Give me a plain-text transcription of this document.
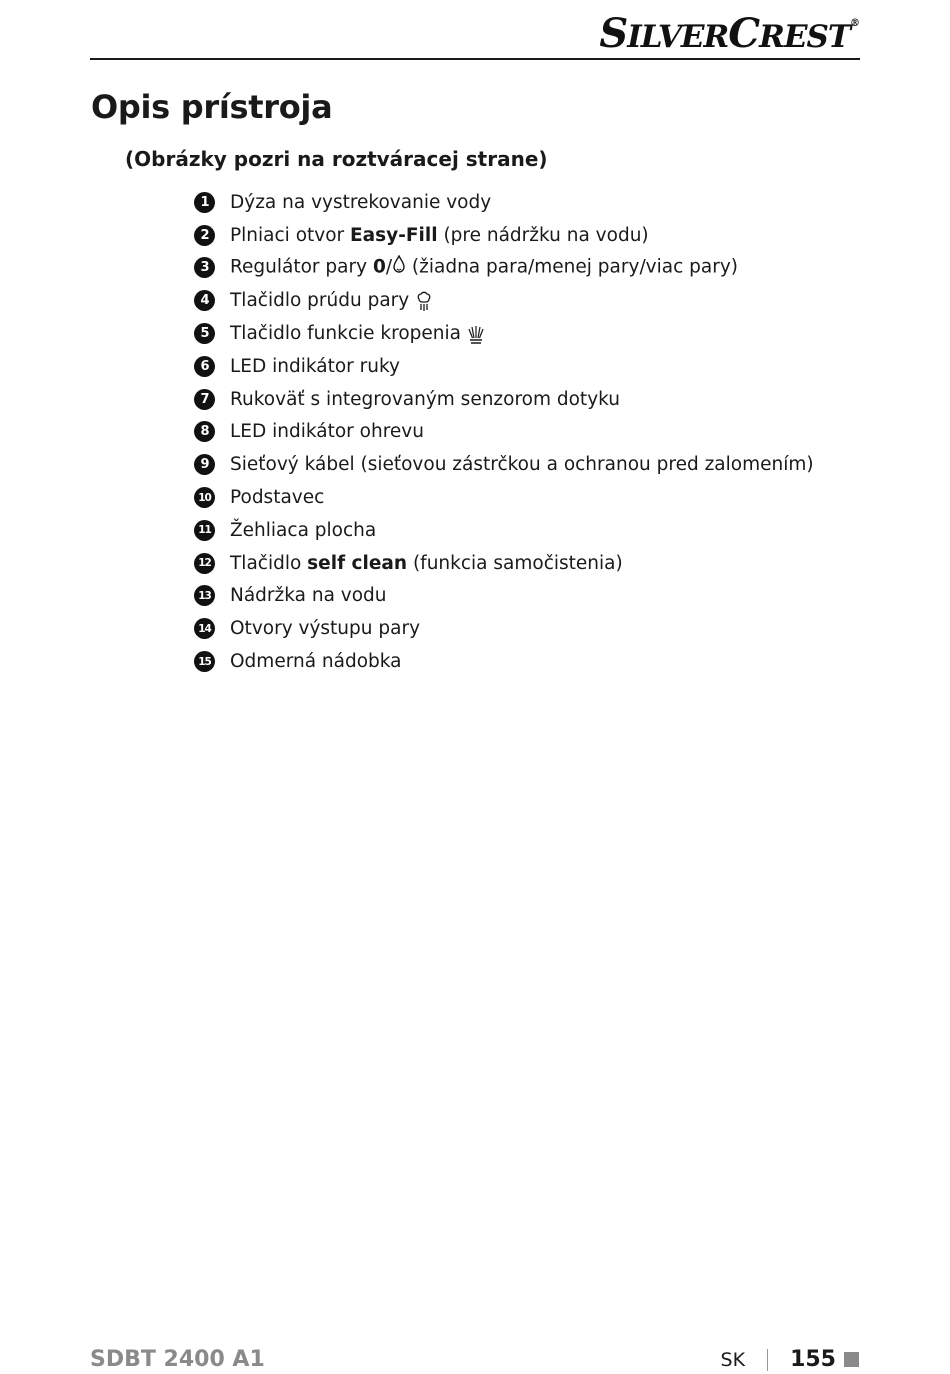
SILVERCREST®
Opis prístroja
(Obrázky pozri na roztváracej strane)
1	Dýza na vystrekovanie vody
2	Plniaci otvor Easy-Fill (pre nádržku na vodu)
3	Regulátor pary 0/ (žiadna para/menej pary/viac pary)
4	Tlačidlo prúdu pary
5	Tlačidlo funkcie kropenia
6	LED indikátor ruky
7	Rukoväť s integrovaným senzorom dotyku
8	LED indikátor ohrevu
9	Sieťový kábel (sieťovou zástrčkou a ochranou pred zalomením)
10 Podstavec
11 Žehliaca plocha
12 Tlačidlo self clean (funkcia samočistenia)
13 Nádržka na vodu
14 Otvory výstupu pary
15 Odmerná nádobka
SDBT 2400 A1	SK 155
